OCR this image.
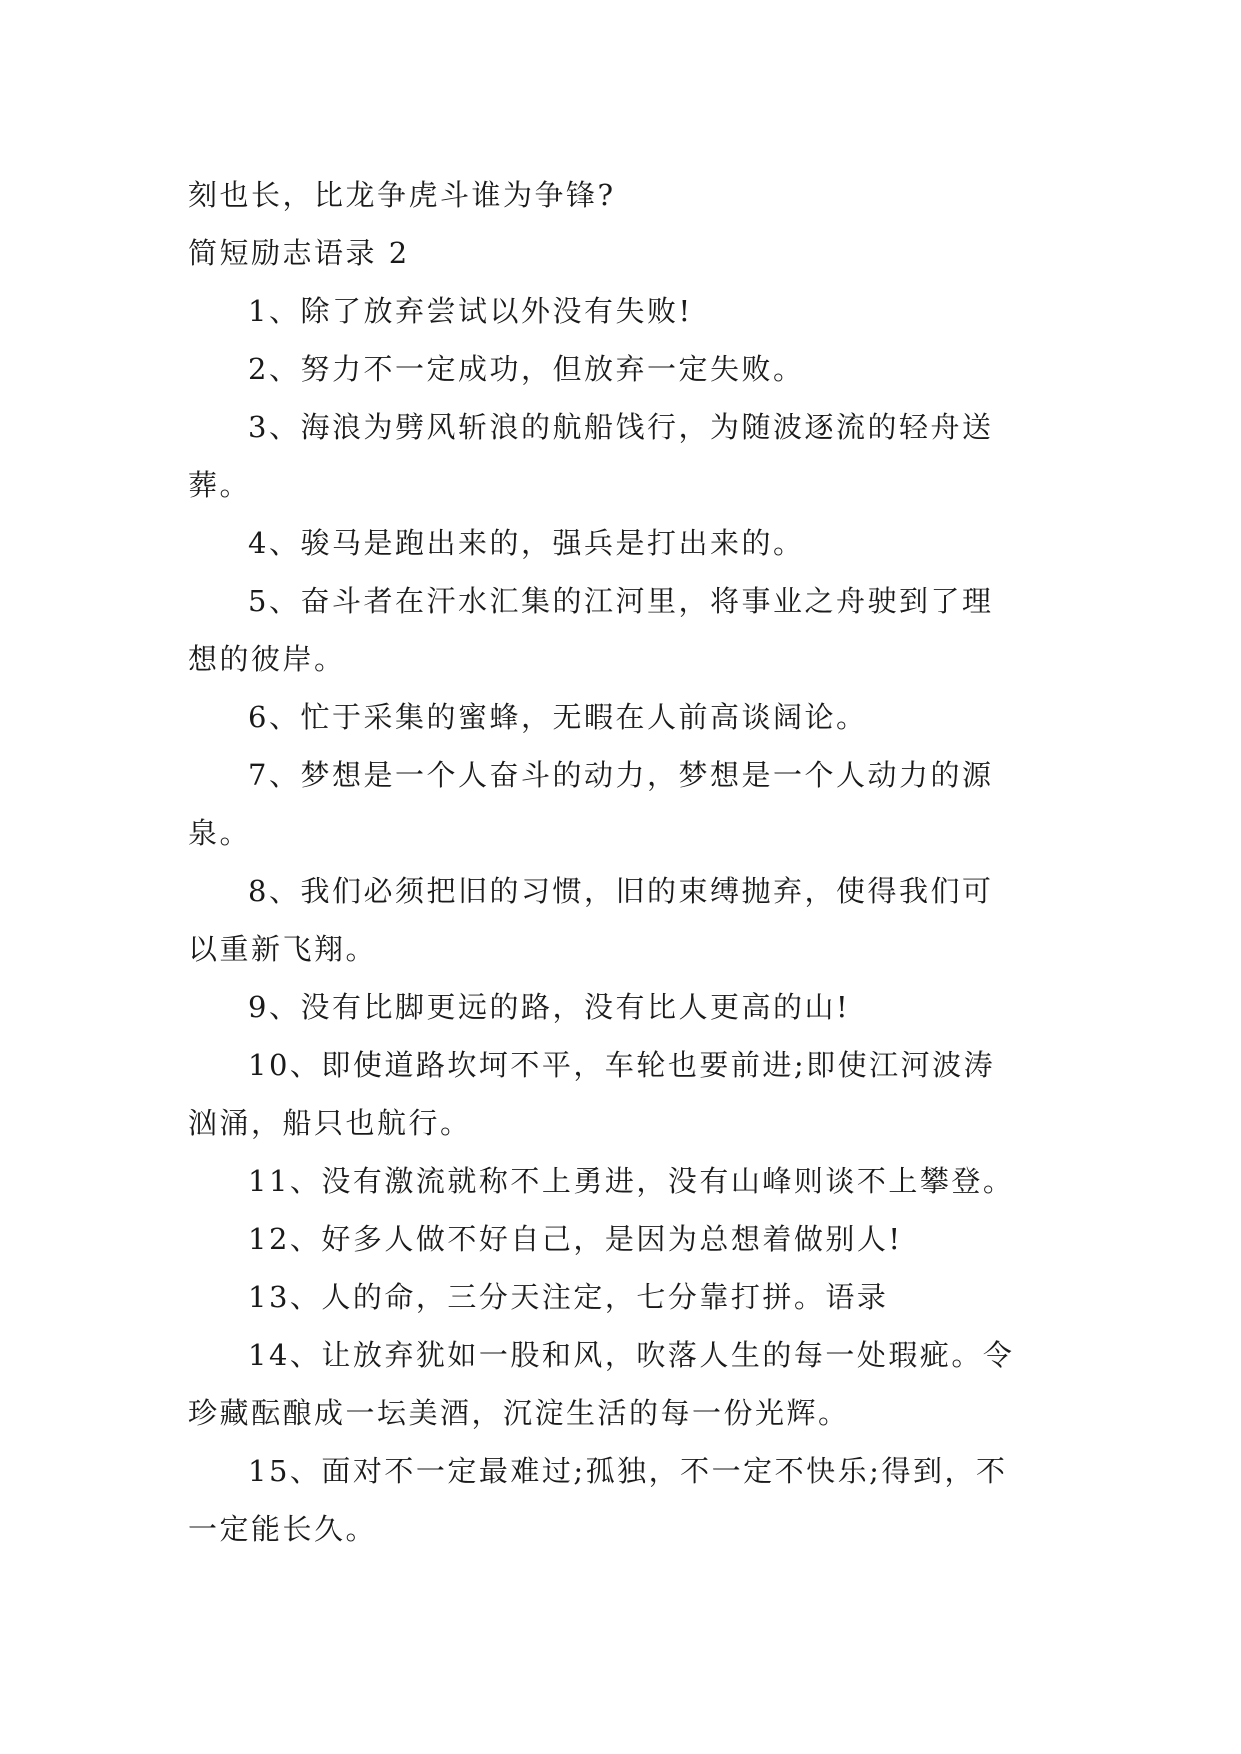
刻也长，比龙争虎斗谁为争锋?
简短励志语录 2
1、除了放弃尝试以外没有失败!
2、努力不一定成功，但放弃一定失败。
3、海浪为劈风斩浪的航船饯行，为随波逐流的轻舟送
葬。
4、骏马是跑出来的，强兵是打出来的。
5、奋斗者在汗水汇集的江河里，将事业之舟驶到了理
想的彼岸。
6、忙于采集的蜜蜂，无暇在人前高谈阔论。
7、梦想是一个人奋斗的动力，梦想是一个人动力的源
泉。
8、我们必须把旧的习惯，旧的束缚抛弃，使得我们可
以重新飞翔。
9、没有比脚更远的路，没有比人更高的山!
10、即使道路坎坷不平，车轮也要前进;即使江河波涛
汹涌，船只也航行。
11、没有激流就称不上勇进，没有山峰则谈不上攀登。
12、好多人做不好自己，是因为总想着做别人!
13、人的命，三分天注定，七分靠打拼。语录
14、让放弃犹如一股和风，吹落人生的每一处瑕疵。令
珍藏酝酿成一坛美酒，沉淀生活的每一份光辉。
15、面对不一定最难过;孤独，不一定不快乐;得到，不
一定能长久。
